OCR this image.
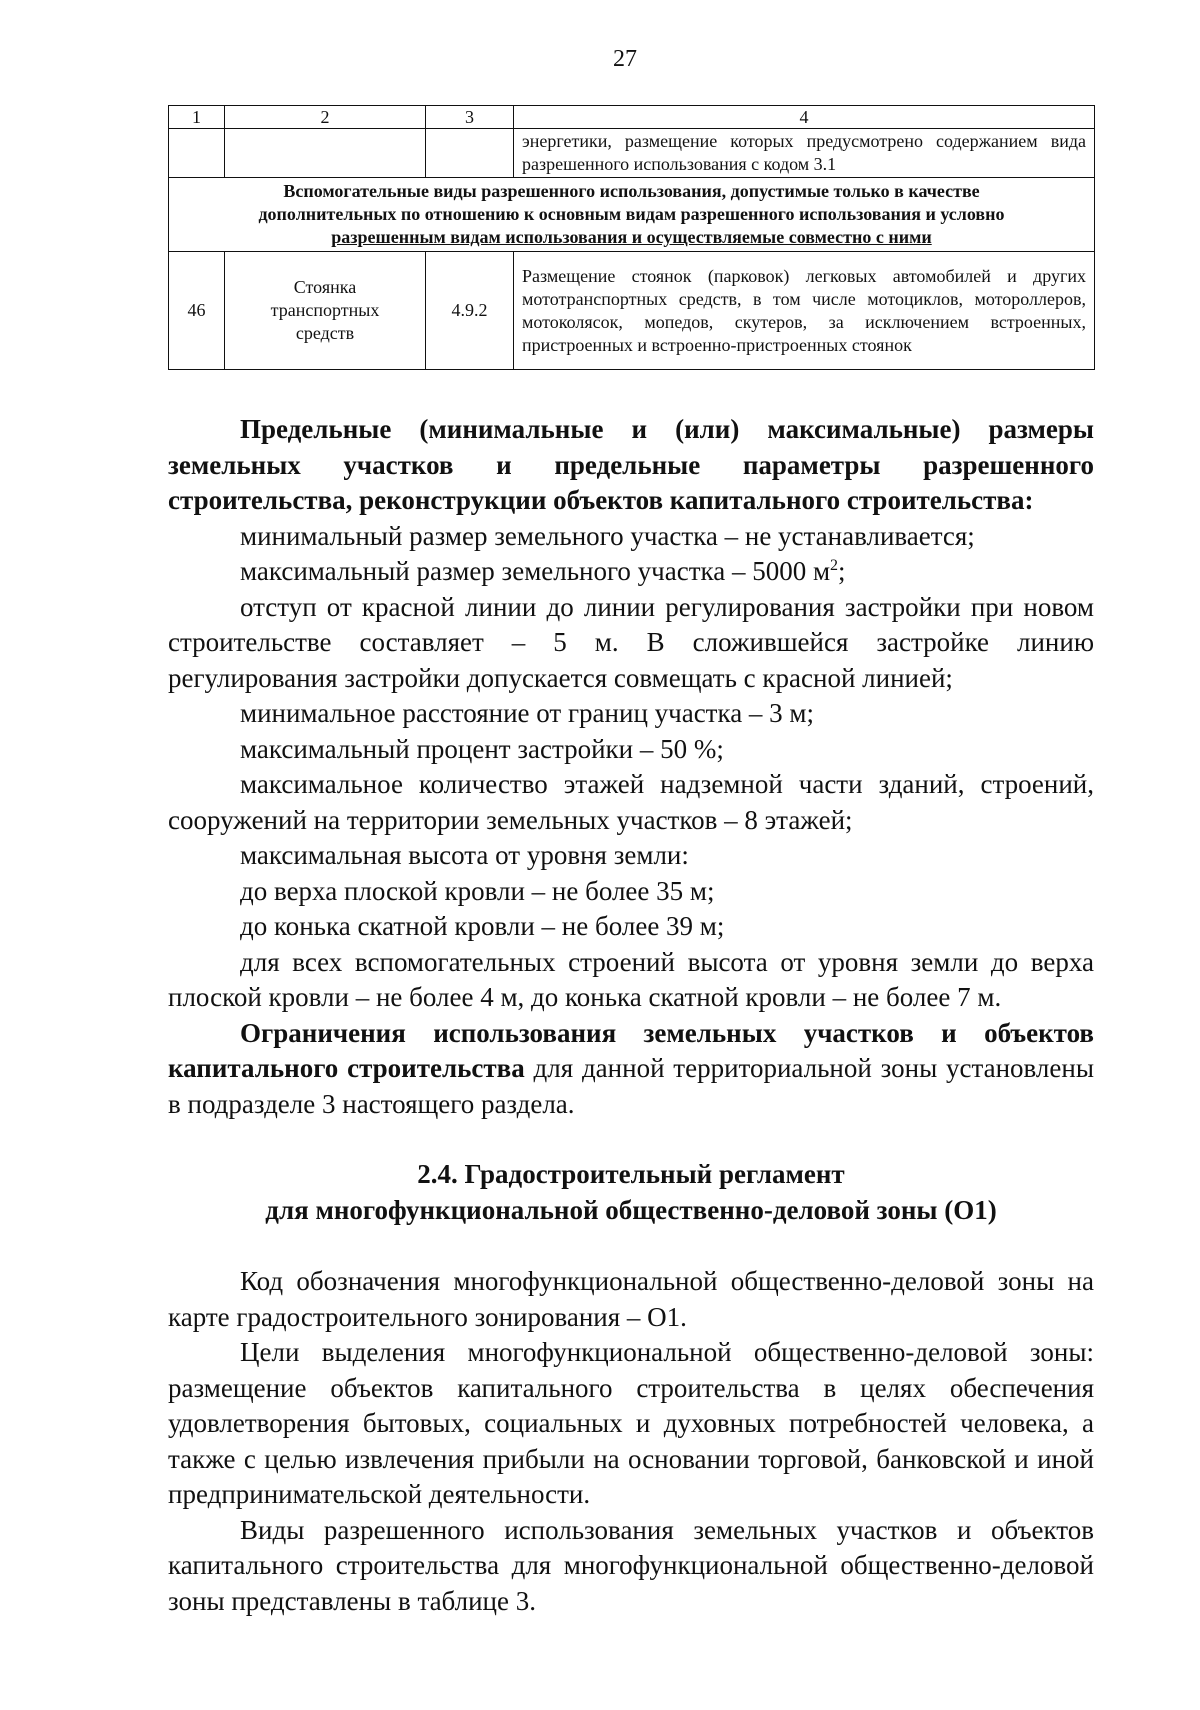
27
1	2	3	4
			энергетики, размещение которых предусмотрено содержанием вида разрешенного использования с кодом 3.1

Вспомогательные виды разрешенного использования, допустимые только в качестве
дополнительных по отношению к основным видам разрешенного использования и условно
разрешенным видам использования и осуществляемые совместно с ними			

46	Стоянка транспортных средств	4.9.2	Размещение стоянок (парковок) легковых автомобилей и других мототранспортных средств, в том числе мотоциклов, мотороллеров, мотоколясок, мопедов, скутеров, за исключением встроенных, пристроенных и встроенно-пристроенных стоянок

Предельные (минимальные и (или) максимальные) размеры земельных участков и предельные параметры разрешенного строительства, реконструкции объектов капитального строительства:

минимальный размер земельного участка – не устанавливается;

максимальный размер земельного участка – 5000 $м^2$;

отступ от красной линии до линии регулирования застройки при новом строительстве составляет – 5 м. В сложившейся застройке линию регулирования застройки допускается совмещать с красной линией;

минимальное расстояние от границ участка – 3 м;

максимальный процент застройки – 50 %;

максимальное количество этажей надземной части зданий, строений, сооружений на территории земельных участков – 8 этажей;

максимальная высота от уровня земли:

до верха плоской кровли – не более 35 м;

до конька скатной кровли – не более 39 м;

для всех вспомогательных строений высота от уровня земли до верха плоской кровли – не более 4 м, до конька скатной кровли – не более 7 м.

Ограничения использования земельных участков и объектов капитального строительства для данной территориальной зоны установлены в подразделе 3 настоящего раздела.

2.4. Градостроительный регламент
для многофункциональной общественно-деловой зоны (О1)

Код обозначения многофункциональной общественно-деловой зоны на карте градостроительного зонирования – О1.

Цели выделения многофункциональной общественно-деловой зоны: размещение объектов капитального строительства в целях обеспечения удовлетворения бытовых, социальных и духовных потребностей человека, а также с целью извлечения прибыли на основании торговой, банковской и иной предпринимательской деятельности.

Виды разрешенного использования земельных участков и объектов капитального строительства для многофункциональной общественно-деловой зоны представлены в таблице 3.
